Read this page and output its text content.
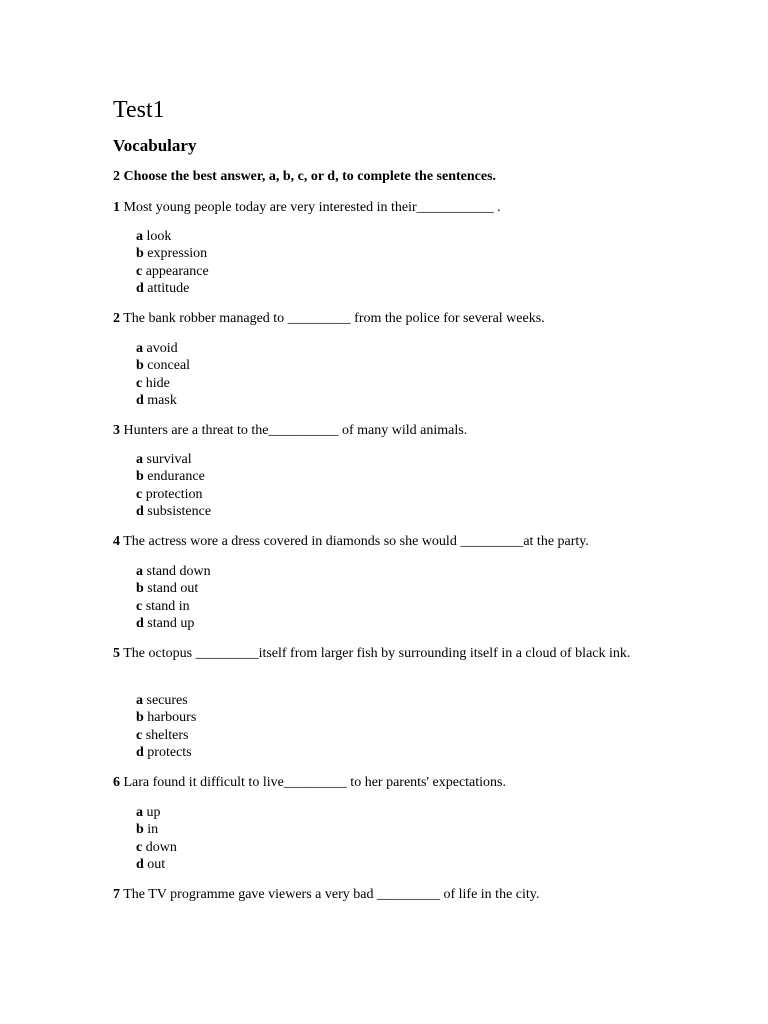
Test1
Vocabulary

2 Choose the best answer, a, b, c, or d, to complete the sentences.

1 Most young people today are very interested in their___________ .

a look
b expression
c appearance
d attitude

2 The bank robber managed to _________ from the police for several weeks.

a avoid
b conceal
c hide
d mask

3 Hunters are a threat to the__________ of many wild animals.

a survival
b endurance
c protection
d subsistence

4 The actress wore a dress covered in diamonds so she would _________at the party.

a stand down
b stand out
c stand in
d stand up

5 The octopus _________itself from larger fish by surrounding itself in a cloud of black ink.

a secures
b harbours
c shelters
d protects

6 Lara found it difficult to live_________ to her parents' expectations.

a up
b in
c down
d out

7 The TV programme gave viewers a very bad _________ of life in the city.
